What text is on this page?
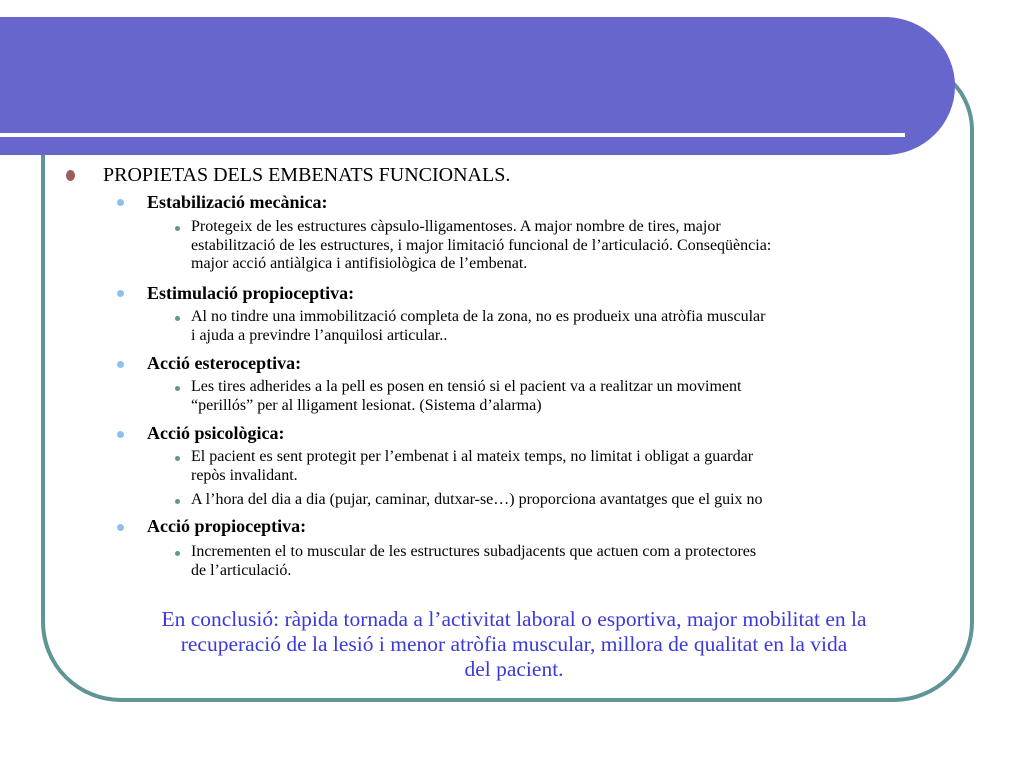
PROPIETAS DELS EMBENATS FUNCIONALS.
Estabilizació mecànica:
Protegeix de les estructures càpsulo-lligamentoses. A major nombre de tires, major
estabilització de les estructures, i major limitació funcional de l’articulació. Conseqüència:
major acció antiàlgica i antifisiològica de l’embenat.
Estimulació propioceptiva:
Al no tindre una immobilització completa de la zona, no es produeix una atròfia muscular
i ajuda a previndre l’anquilosi articular..
Acció esteroceptiva:
Les tires adherides a la pell es posen en tensió si el pacient va a realitzar un moviment
“perillós” per al lligament lesionat. (Sistema d’alarma)
Acció psicològica:
El pacient es sent protegit per l’embenat i al mateix temps, no limitat i obligat a guardar
repòs invalidant.
A l’hora del dia a dia (pujar, caminar, dutxar-se…) proporciona avantatges que el guix no
Acció propioceptiva:
Incrementen el to muscular de les estructures subadjacents que actuen com a protectores
de l’articulació.
En conclusió: ràpida tornada a l’activitat laboral o esportiva, major mobilitat en la
recuperació de la lesió i menor atròfia muscular, millora de qualitat en la vida
del pacient.
